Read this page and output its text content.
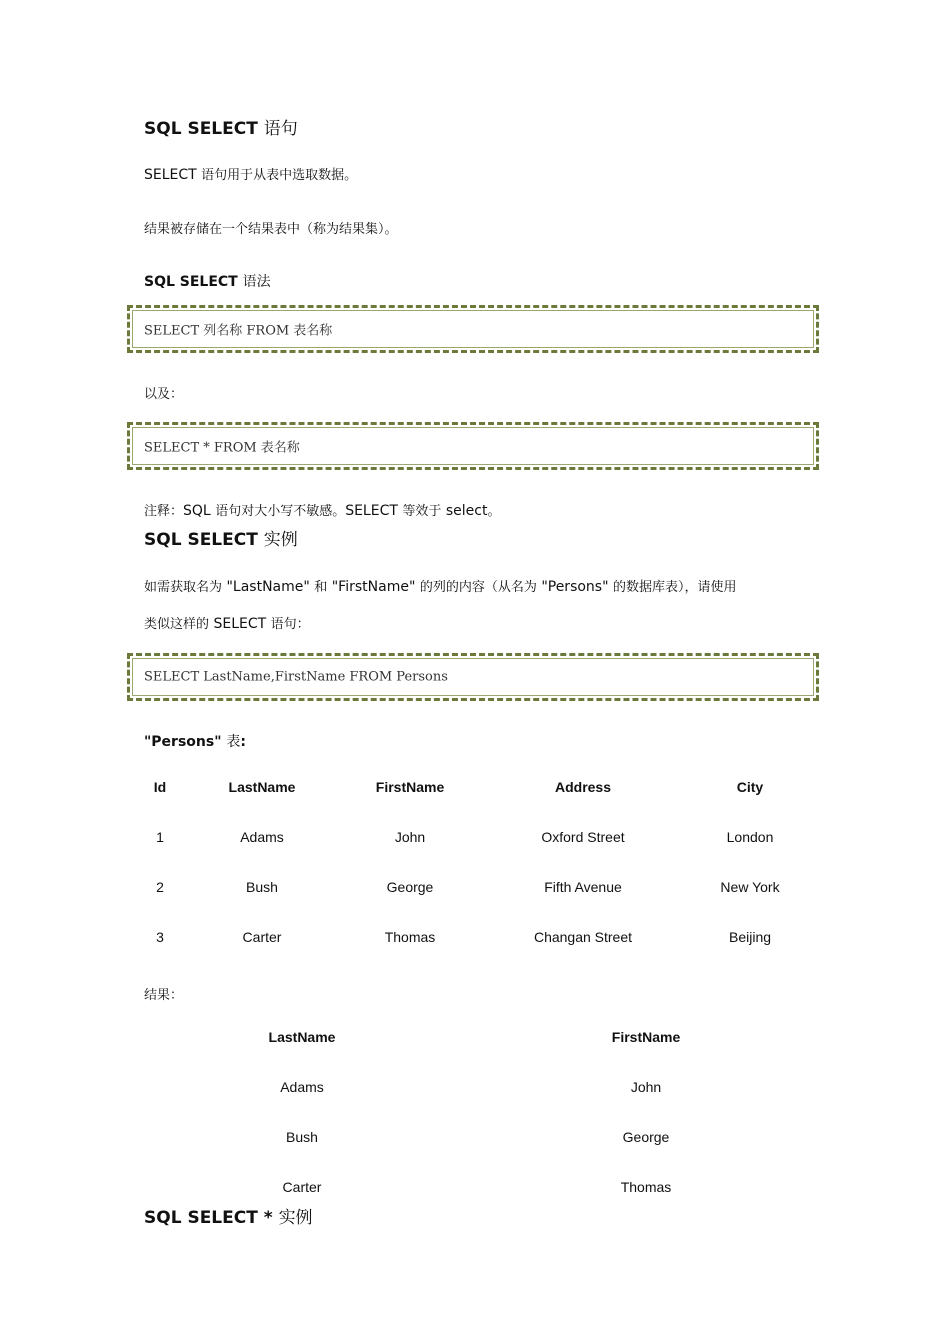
SQL SELECT 语句
SELECT 语句用于从表中选取数据。
结果被存储在一个结果表中（称为结果集）。
SQL SELECT 语法
SELECT 列名称 FROM 表名称
以及：
SELECT * FROM 表名称
注释：SQL 语句对大小写不敏感。SELECT 等效于 select。
SQL SELECT 实例
如需获取名为 "LastName" 和 "FirstName" 的列的内容（从名为 "Persons" 的数据库表），请使用
类似这样的 SELECT 语句：
SELECT LastName,FirstName FROM Persons
"Persons" 表:
Id	LastName	FirstName	Address	City
1	Adams	John	Oxford Street	London
2	Bush	George	Fifth Avenue	New York
3	Carter	Thomas	Changan Street	Beijing
结果：
LastName	FirstName
Adams	John
Bush	George
Carter	Thomas
SQL SELECT * 实例
